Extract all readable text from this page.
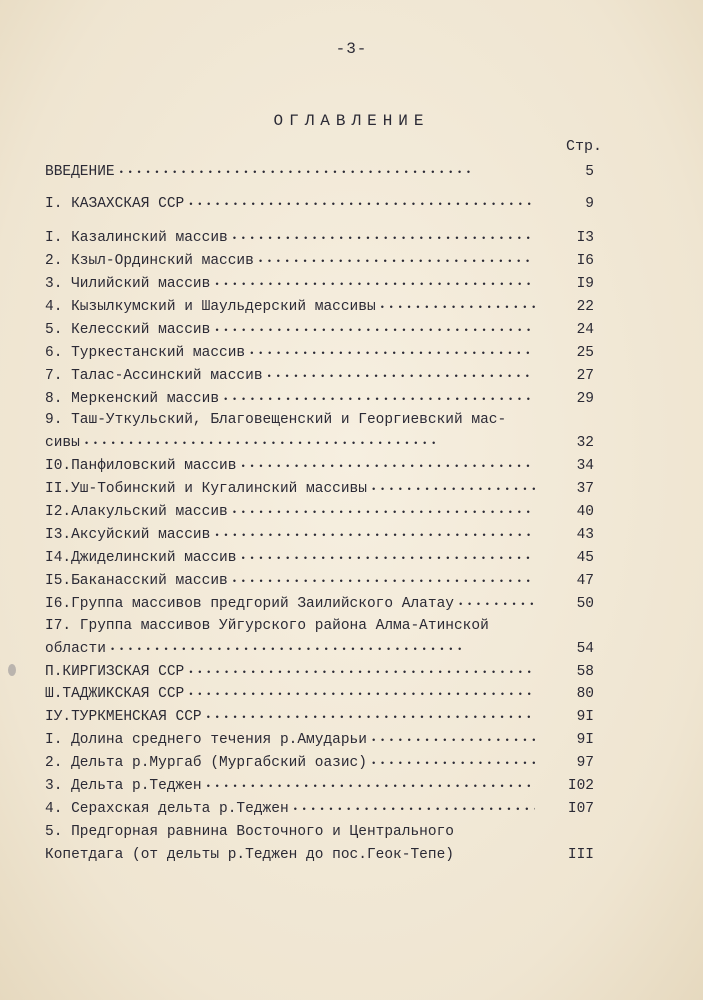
-3-
ОГЛАВЛЕНИЕ
Стр.
ВВЕДЕНИЕ •••••	5
I. КАЗАХСКАЯ ССР •••••	9
I. Казалинский массив •••••	I3
2. Кзыл-Ординский массив •••••	I6
3. Чилийский массив •••••	I9
4. Кызылкумский и Шаульдерский массивы •••••	22
5. Келесский массив •••••	24
6. Туркестанский массив •••••	25
7. Талас-Ассинский массив •••••	27
8. Меркенский массив •••••	29
9. Таш-Уткульский, Благовещенский и Георгиевский мас-
сивы •••••	32
I0.Панфиловский массив •••••	34
II.Уш-Тобинский и Кугалинский массивы •••••	37
I2.Алакульский массив •••••	40
I3.Аксуйский массив •••••	43
I4.Джиделинский массив •••••	45
I5.Баканасский массив •••••	47
I6.Группа массивов предгорий Заилийского Алатау •••••	50
I7. Группа массивов Уйгурского района Алма-Атинской
области •••••	54
П.КИРГИЗСКАЯ ССР •••••	58
Ш.ТАДЖИКСКАЯ ССР •••••	80
IУ.ТУРКМЕНСКАЯ ССР •••••	9I
I. Долина среднего течения р.Амударьи •••••	9I
2. Дельта р.Мургаб (Мургабский оазис) •••••	97
3. Дельта р.Теджен •••••	I02
4. Серахская дельта р.Теджен •••••	I07
5. Предгорная равнина Восточного и Центрального
Копетдага (от дельты р.Теджен до пос.Геок-Тепе)	III
